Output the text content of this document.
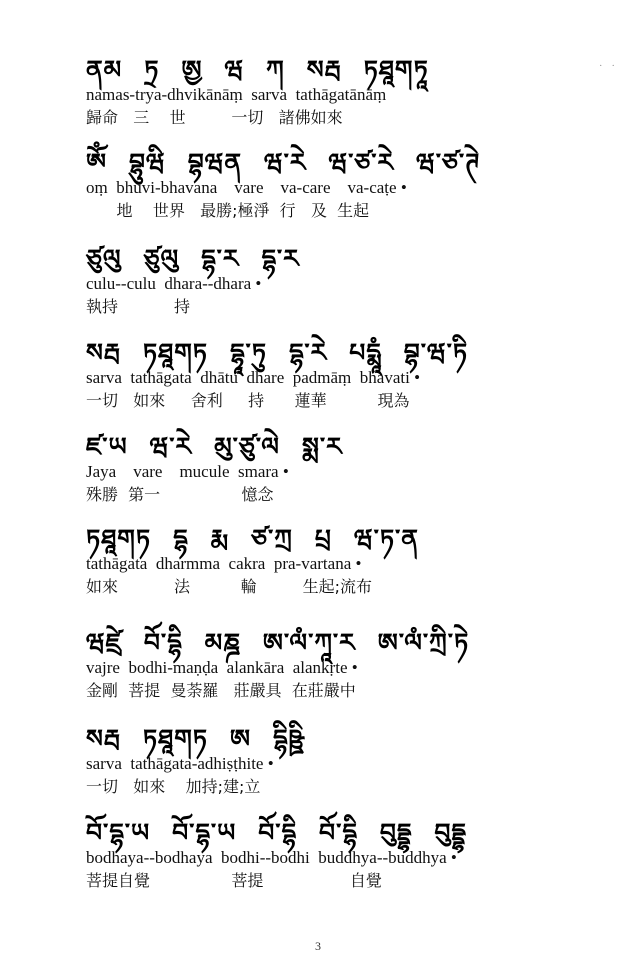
· ·
ནམ ཏྲ ཨྱ ཝ ཀ སརྦ ཏཐཱགཏཱ
namas-trya-dhvikānāṃ  sarva  tathāgatānāṃ
歸命   三    世         一切   諸佛如來
ཨོཾ བྷུཝི བྷཝན ཝ་རེ ཝ་ཙ་རེ ཝ་ཙ་ཊེ
oṃ  bhuvi-bhavana    vare    va-care    va-caṭe •
地    世界   最勝;極淨  行   及  生起
ཙུལུ ཙུལུ དྷ་ར དྷ་ར
culu--culu  dhara--dhara •
執持           持
སརྦ ཏཐཱགཏ དྷཱ་ཏུ དྷ་རེ པདྨཱཾ བྷ་ཝ་ཏི
sarva  tathāgata  dhātu  dhare  padmāṃ  bhavati •
一切   如來     舍利     持      蓮華          現為
ཛ་ཡ ཝ་རེ མུ་ཙུ་ལེ སྨ་ར
Jaya    vare    mucule  smara •
殊勝  第一                憶念
ཏཐཱགཏ དྷ རྨ ཙ་ཀྲ པྲ ཝ་ཏ་ན
tathāgata  dharmma  cakra  pra-vartana •
如來           法          輪         生起;流布
ཝཛྲེ བོ་དྷི མཎྜ ཨ་ལཾ་ཀཱ་ར ཨ་ལཾ་ཀྲི་ཏེ
vajre  bodhi-maṇḍa  alankāra  alankṛte •
金剛  菩提  曼荼羅   莊嚴具  在莊嚴中
སརྦ ཏཐཱགཏ ཨ དྷིཥྛི
sarva  tathāgata-adhiṣṭhite •
一切   如來    加持;建;立
བོ་དྷ་ཡ བོ་དྷ་ཡ བོ་དྷི བོ་དྷི བུདྡྷ བུདྡྷ
bodhaya--bodhaya  bodhi--bodhi  buddhya--buddhya •
菩提自覺                菩提                 自覺
3
